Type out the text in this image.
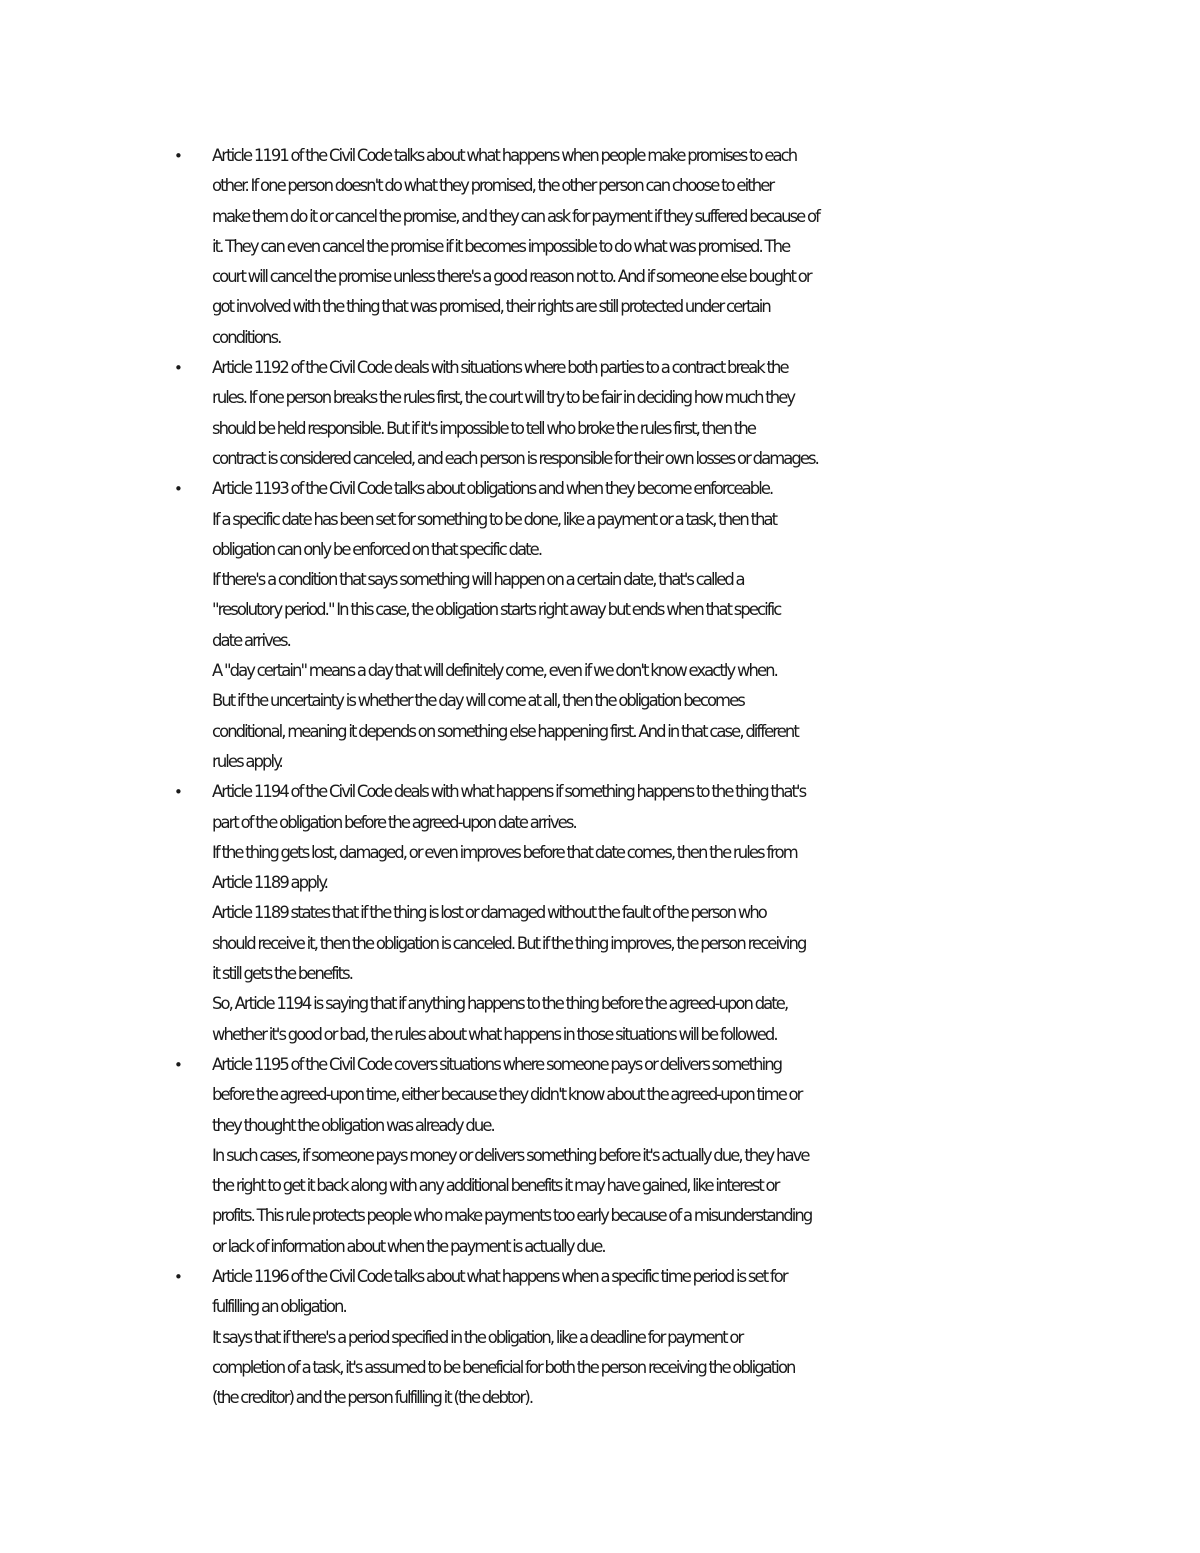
•	Article 1191 of the Civil Code talks about what happens when people make promises to each
other. If one person doesn't do what they promised, the other person can choose to either
make them do it or cancel the promise, and they can ask for payment if they suffered because of
it. They can even cancel the promise if it becomes impossible to do what was promised. The
court will cancel the promise unless there's a good reason not to. And if someone else bought or
got involved with the thing that was promised, their rights are still protected under certain
conditions.
•	Article 1192 of the Civil Code deals with situations where both parties to a contract break the
rules. If one person breaks the rules first, the court will try to be fair in deciding how much they
should be held responsible. But if it's impossible to tell who broke the rules first, then the
contract is considered canceled, and each person is responsible for their own losses or damages.
•	Article 1193 of the Civil Code talks about obligations and when they become enforceable.
If a specific date has been set for something to be done, like a payment or a task, then that
obligation can only be enforced on that specific date.
If there's a condition that says something will happen on a certain date, that's called a
"resolutory period." In this case, the obligation starts right away but ends when that specific
date arrives.
A "day certain" means a day that will definitely come, even if we don't know exactly when.
But if the uncertainty is whether the day will come at all, then the obligation becomes
conditional, meaning it depends on something else happening first. And in that case, different
rules apply.
•	Article 1194 of the Civil Code deals with what happens if something happens to the thing that's
part of the obligation before the agreed-upon date arrives.
If the thing gets lost, damaged, or even improves before that date comes, then the rules from
Article 1189 apply.
Article 1189 states that if the thing is lost or damaged without the fault of the person who
should receive it, then the obligation is canceled. But if the thing improves, the person receiving
it still gets the benefits.
So, Article 1194 is saying that if anything happens to the thing before the agreed-upon date,
whether it's good or bad, the rules about what happens in those situations will be followed.
•	Article 1195 of the Civil Code covers situations where someone pays or delivers something
before the agreed-upon time, either because they didn't know about the agreed-upon time or
they thought the obligation was already due.
In such cases, if someone pays money or delivers something before it's actually due, they have
the right to get it back along with any additional benefits it may have gained, like interest or
profits. This rule protects people who make payments too early because of a misunderstanding
or lack of information about when the payment is actually due.
•	Article 1196 of the Civil Code talks about what happens when a specific time period is set for
fulfilling an obligation.
It says that if there's a period specified in the obligation, like a deadline for payment or
completion of a task, it's assumed to be beneficial for both the person receiving the obligation
(the creditor) and the person fulfilling it (the debtor).
